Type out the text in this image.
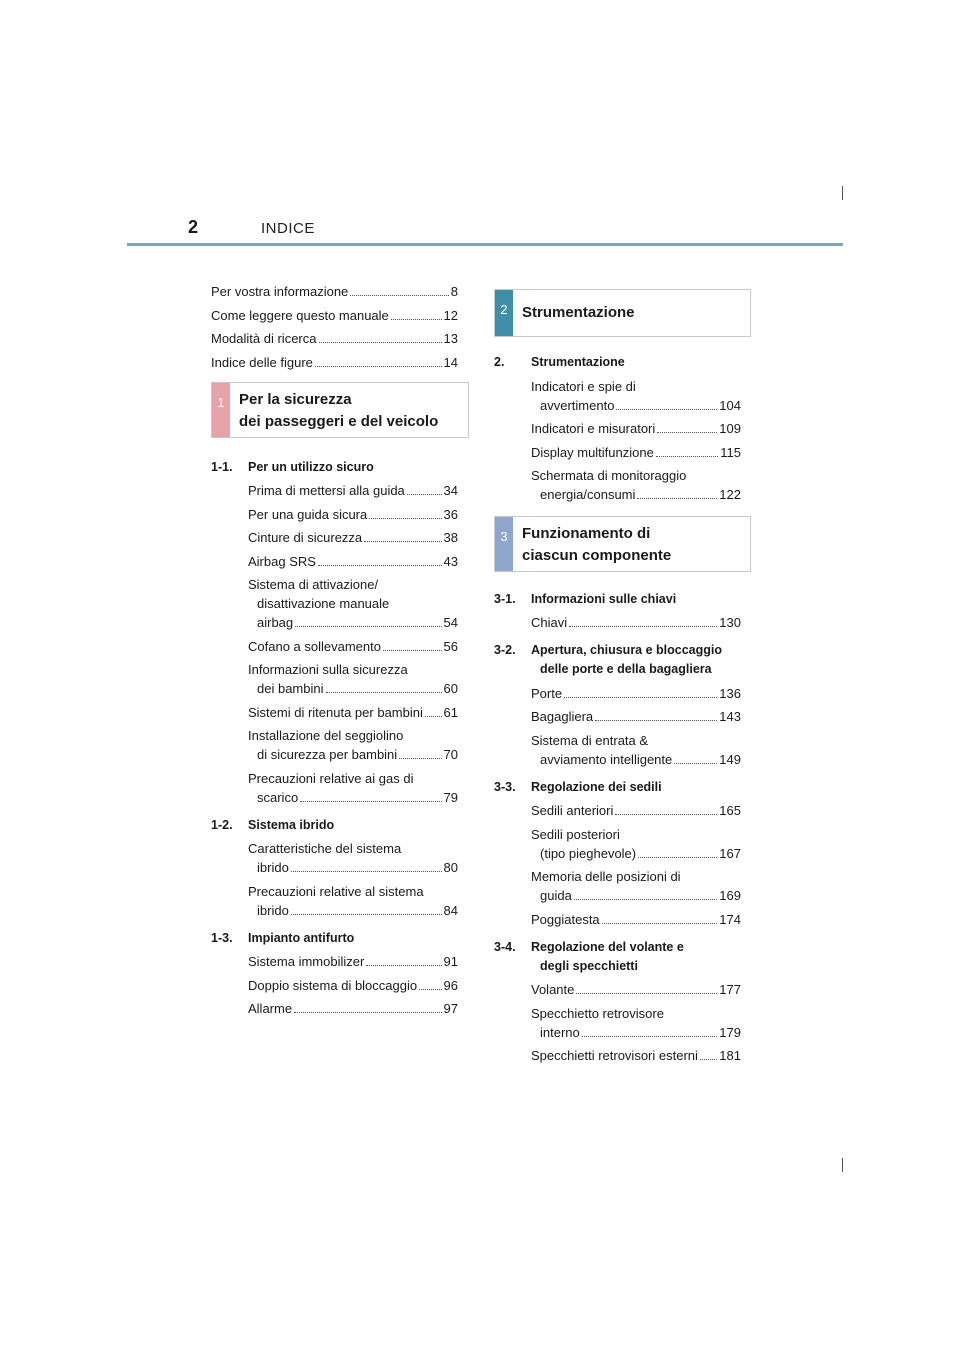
2	INDICE
Per vostra informazione	8
Come leggere questo manuale	12
Modalità di ricerca	13
Indice delle figure	14
1 Per la sicurezza
dei passeggeri e del veicolo
1-1.	Per un utilizzo sicuro
Prima di mettersi alla guida	34
Per una guida sicura	36
Cinture di sicurezza	38
Airbag SRS	43
Sistema di attivazione/
disattivazione manuale
airbag	54
Cofano a sollevamento	56
Informazioni sulla sicurezza
dei bambini	60
Sistemi di ritenuta per bambini 61
Installazione del seggiolino
di sicurezza per bambini	70
Precauzioni relative ai gas di
scarico	79
1-2.	Sistema ibrido
Caratteristiche del sistema
ibrido	80
Precauzioni relative al sistema
ibrido	84
1-3.	Impianto antifurto
Sistema immobilizer	91
Doppio sistema di bloccaggio 96
Allarme	97
2 Strumentazione
2.	Strumentazione
Indicatori e spie di
avvertimento	104
Indicatori e misuratori	109
Display multifunzione	115
Schermata di monitoraggio
energia/consumi	122
3 Funzionamento di
ciascun componente
3-1.	Informazioni sulle chiavi
Chiavi	130
3-2.	Apertura, chiusura e bloccaggio
delle porte e della bagagliera
Porte	136
Bagagliera	143
Sistema di entrata &
avviamento intelligente	149
3-3.	Regolazione dei sedili
Sedili anteriori	165
Sedili posteriori
(tipo pieghevole)	167
Memoria delle posizioni di
guida	169
Poggiatesta	174
3-4.	Regolazione del volante e
degli specchietti
Volante	177
Specchietto retrovisore
interno	179
Specchietti retrovisori esterni 181
